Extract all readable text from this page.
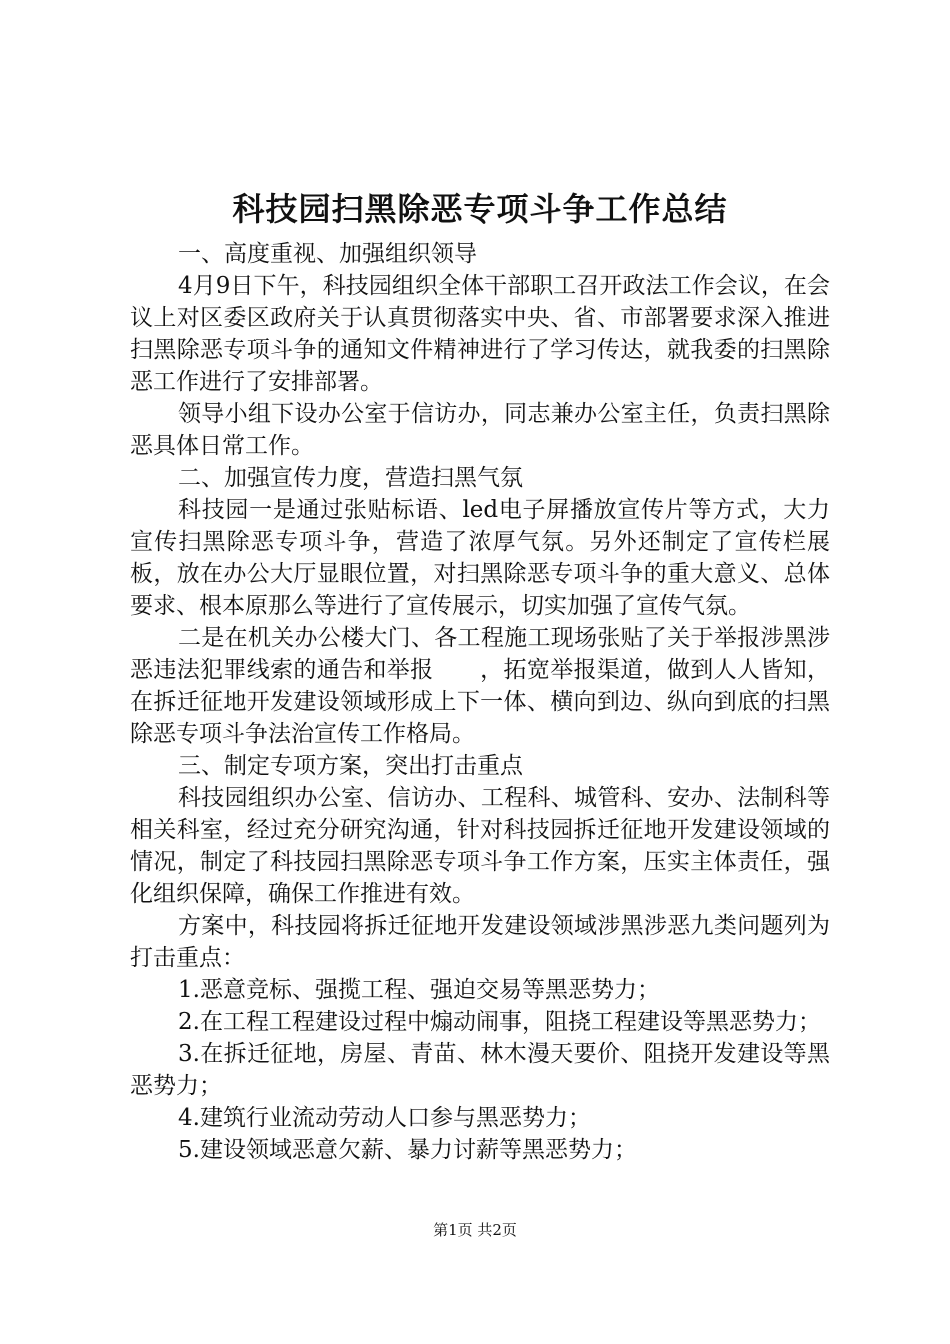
科技园扫黑除恶专项斗争工作总结

一、高度重视、加强组织领导

4月9日下午，科技园组织全体干部职工召开政法工作会议，在会议上对区委区政府关于认真贯彻落实中央、省、市部署要求深入推进扫黑除恶专项斗争的通知文件精神进行了学习传达，就我委的扫黑除恶工作进行了安排部署。

领导小组下设办公室于信访办，同志兼办公室主任，负责扫黑除恶具体日常工作。

二、加强宣传力度，营造扫黑气氛

科技园一是通过张贴标语、led电子屏播放宣传片等方式，大力宣传扫黑除恶专项斗争，营造了浓厚气氛。另外还制定了宣传栏展板，放在办公大厅显眼位置，对扫黑除恶专项斗争的重大意义、总体要求、根本原那么等进行了宣传展示，切实加强了宣传气氛。

二是在机关办公楼大门、各工程施工现场张贴了关于举报涉黑涉恶违法犯罪线索的通告和举报　　，拓宽举报渠道，做到人人皆知，在拆迁征地开发建设领域形成上下一体、横向到边、纵向到底的扫黑除恶专项斗争法治宣传工作格局。

三、制定专项方案，突出打击重点

科技园组织办公室、信访办、工程科、城管科、安办、法制科等相关科室，经过充分研究沟通，针对科技园拆迁征地开发建设领域的情况，制定了科技园扫黑除恶专项斗争工作方案，压实主体责任，强化组织保障，确保工作推进有效。

方案中，科技园将拆迁征地开发建设领域涉黑涉恶九类问题列为打击重点：

1.恶意竞标、强揽工程、强迫交易等黑恶势力；

2.在工程工程建设过程中煽动闹事，阻挠工程建设等黑恶势力；

3.在拆迁征地，房屋、青苗、林木漫天要价、阻挠开发建设等黑恶势力；

4.建筑行业流动劳动人口参与黑恶势力；

5.建设领域恶意欠薪、暴力讨薪等黑恶势力；

第1页 共2页
